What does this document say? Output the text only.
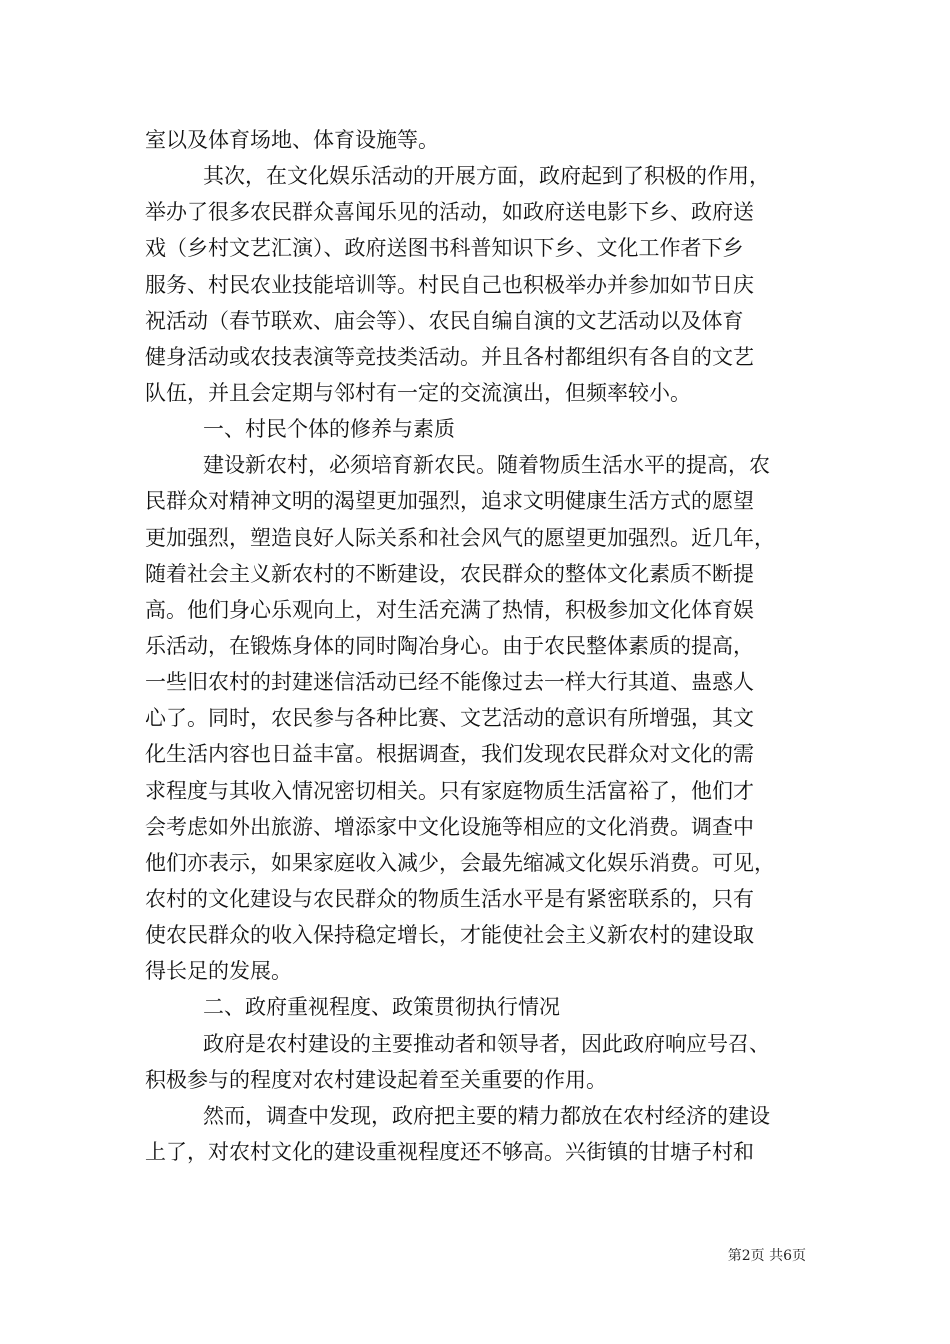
室以及体育场地、体育设施等。
其次，在文化娱乐活动的开展方面，政府起到了积极的作用，
举办了很多农民群众喜闻乐见的活动，如政府送电影下乡、政府送
戏（乡村文艺汇演）、政府送图书科普知识下乡、文化工作者下乡
服务、村民农业技能培训等。村民自己也积极举办并参加如节日庆
祝活动（春节联欢、庙会等）、农民自编自演的文艺活动以及体育
健身活动或农技表演等竞技类活动。并且各村都组织有各自的文艺
队伍，并且会定期与邻村有一定的交流演出，但频率较小。
一、村民个体的修养与素质
建设新农村，必须培育新农民。随着物质生活水平的提高，农
民群众对精神文明的渴望更加强烈，追求文明健康生活方式的愿望
更加强烈，塑造良好人际关系和社会风气的愿望更加强烈。近几年，
随着社会主义新农村的不断建设，农民群众的整体文化素质不断提
高。他们身心乐观向上，对生活充满了热情，积极参加文化体育娱
乐活动，在锻炼身体的同时陶冶身心。由于农民整体素质的提高，
一些旧农村的封建迷信活动已经不能像过去一样大行其道、蛊惑人
心了。同时，农民参与各种比赛、文艺活动的意识有所增强，其文
化生活内容也日益丰富。根据调查，我们发现农民群众对文化的需
求程度与其收入情况密切相关。只有家庭物质生活富裕了，他们才
会考虑如外出旅游、增添家中文化设施等相应的文化消费。调查中
他们亦表示，如果家庭收入减少，会最先缩减文化娱乐消费。可见，
农村的文化建设与农民群众的物质生活水平是有紧密联系的，只有
使农民群众的收入保持稳定增长，才能使社会主义新农村的建设取
得长足的发展。
二、政府重视程度、政策贯彻执行情况
政府是农村建设的主要推动者和领导者，因此政府响应号召、
积极参与的程度对农村建设起着至关重要的作用。
然而，调查中发现，政府把主要的精力都放在农村经济的建设
上了，对农村文化的建设重视程度还不够高。兴街镇的甘塘子村和
第2页 共6页
